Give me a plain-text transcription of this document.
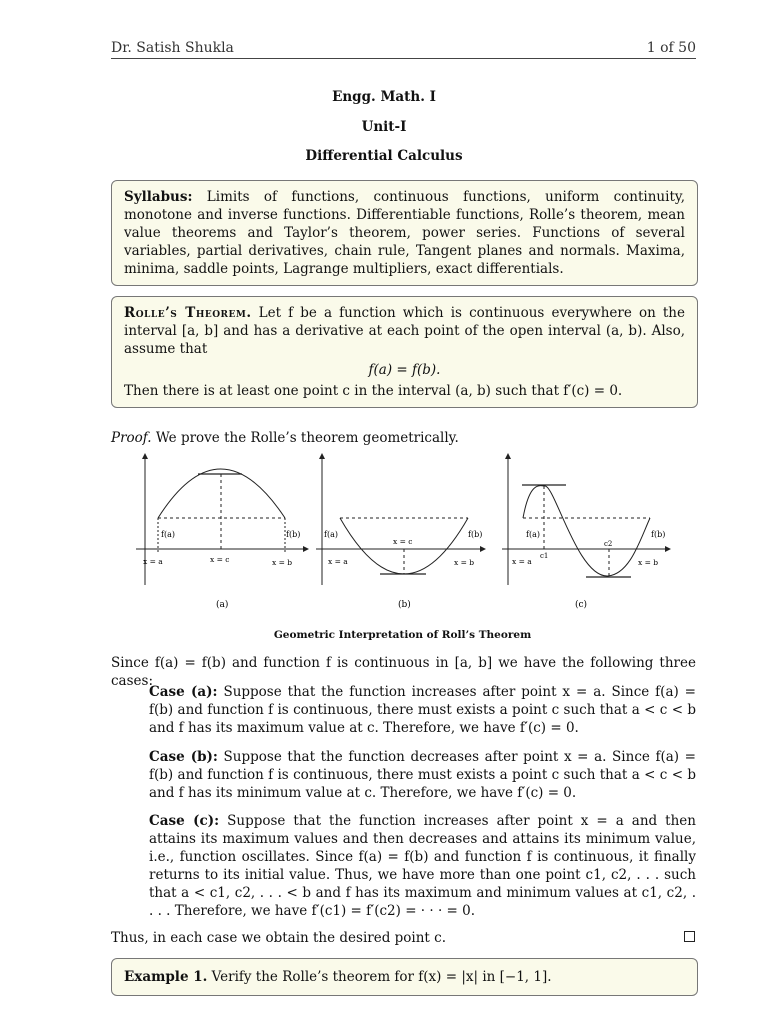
Dr. Satish Shukla	1 of 50
Engg. Math. I
Unit-I
Differential Calculus
Syllabus: Limits of functions, continuous functions, uniform continuity, monotone and inverse functions. Differentiable functions, Rolle’s theorem, mean value theorems and Taylor’s theorem, power series. Functions of several variables, partial derivatives, chain rule, Tangent planes and normals. Maxima, minima, saddle points, Lagrange multipliers, exact differentials.
Rolle’s Theorem. Let f be a function which is continuous everywhere on the interval [a, b] and has a derivative at each point of the open interval (a, b). Also, assume that
f(a) = f(b).
Then there is at least one point c in the interval (a, b) such that f′(c) = 0.
Proof. We prove the Rolle’s theorem geometrically.
f(a)	f(b)
x = a	x = c	x = b
(a)
f(a)	f(b)
x = a
x = c
x = b
(b)
f(a)	f(b)
x = a
c1
c2
x = b
(c)
Geometric Interpretation of Roll’s Theorem
Since f(a) = f(b) and function f is continuous in [a, b] we have the following three cases:
Case (a): Suppose that the function increases after point x = a. Since f(a) = f(b) and function f is continuous, there must exists a point c such that a < c < b and f has its maximum value at c. Therefore, we have f′(c) = 0.
Case (b): Suppose that the function decreases after point x = a. Since f(a) = f(b) and function f is continuous, there must exists a point c such that a < c < b and f has its minimum value at c. Therefore, we have f′(c) = 0.
Case (c): Suppose that the function increases after point x = a and then attains its maximum values and then decreases and attains its minimum value, i.e., function oscillates. Since f(a) = f(b) and function f is continuous, it finally returns to its initial value. Thus, we have more than one point c1, c2, . . . such that a < c1, c2, . . . < b and f has its maximum and minimum values at c1, c2, . . . . Therefore, we have f′(c1) = f′(c2) = · · · = 0.
Thus, in each case we obtain the desired point c.
Example 1. Verify the Rolle’s theorem for f(x) = |x| in [−1, 1].
